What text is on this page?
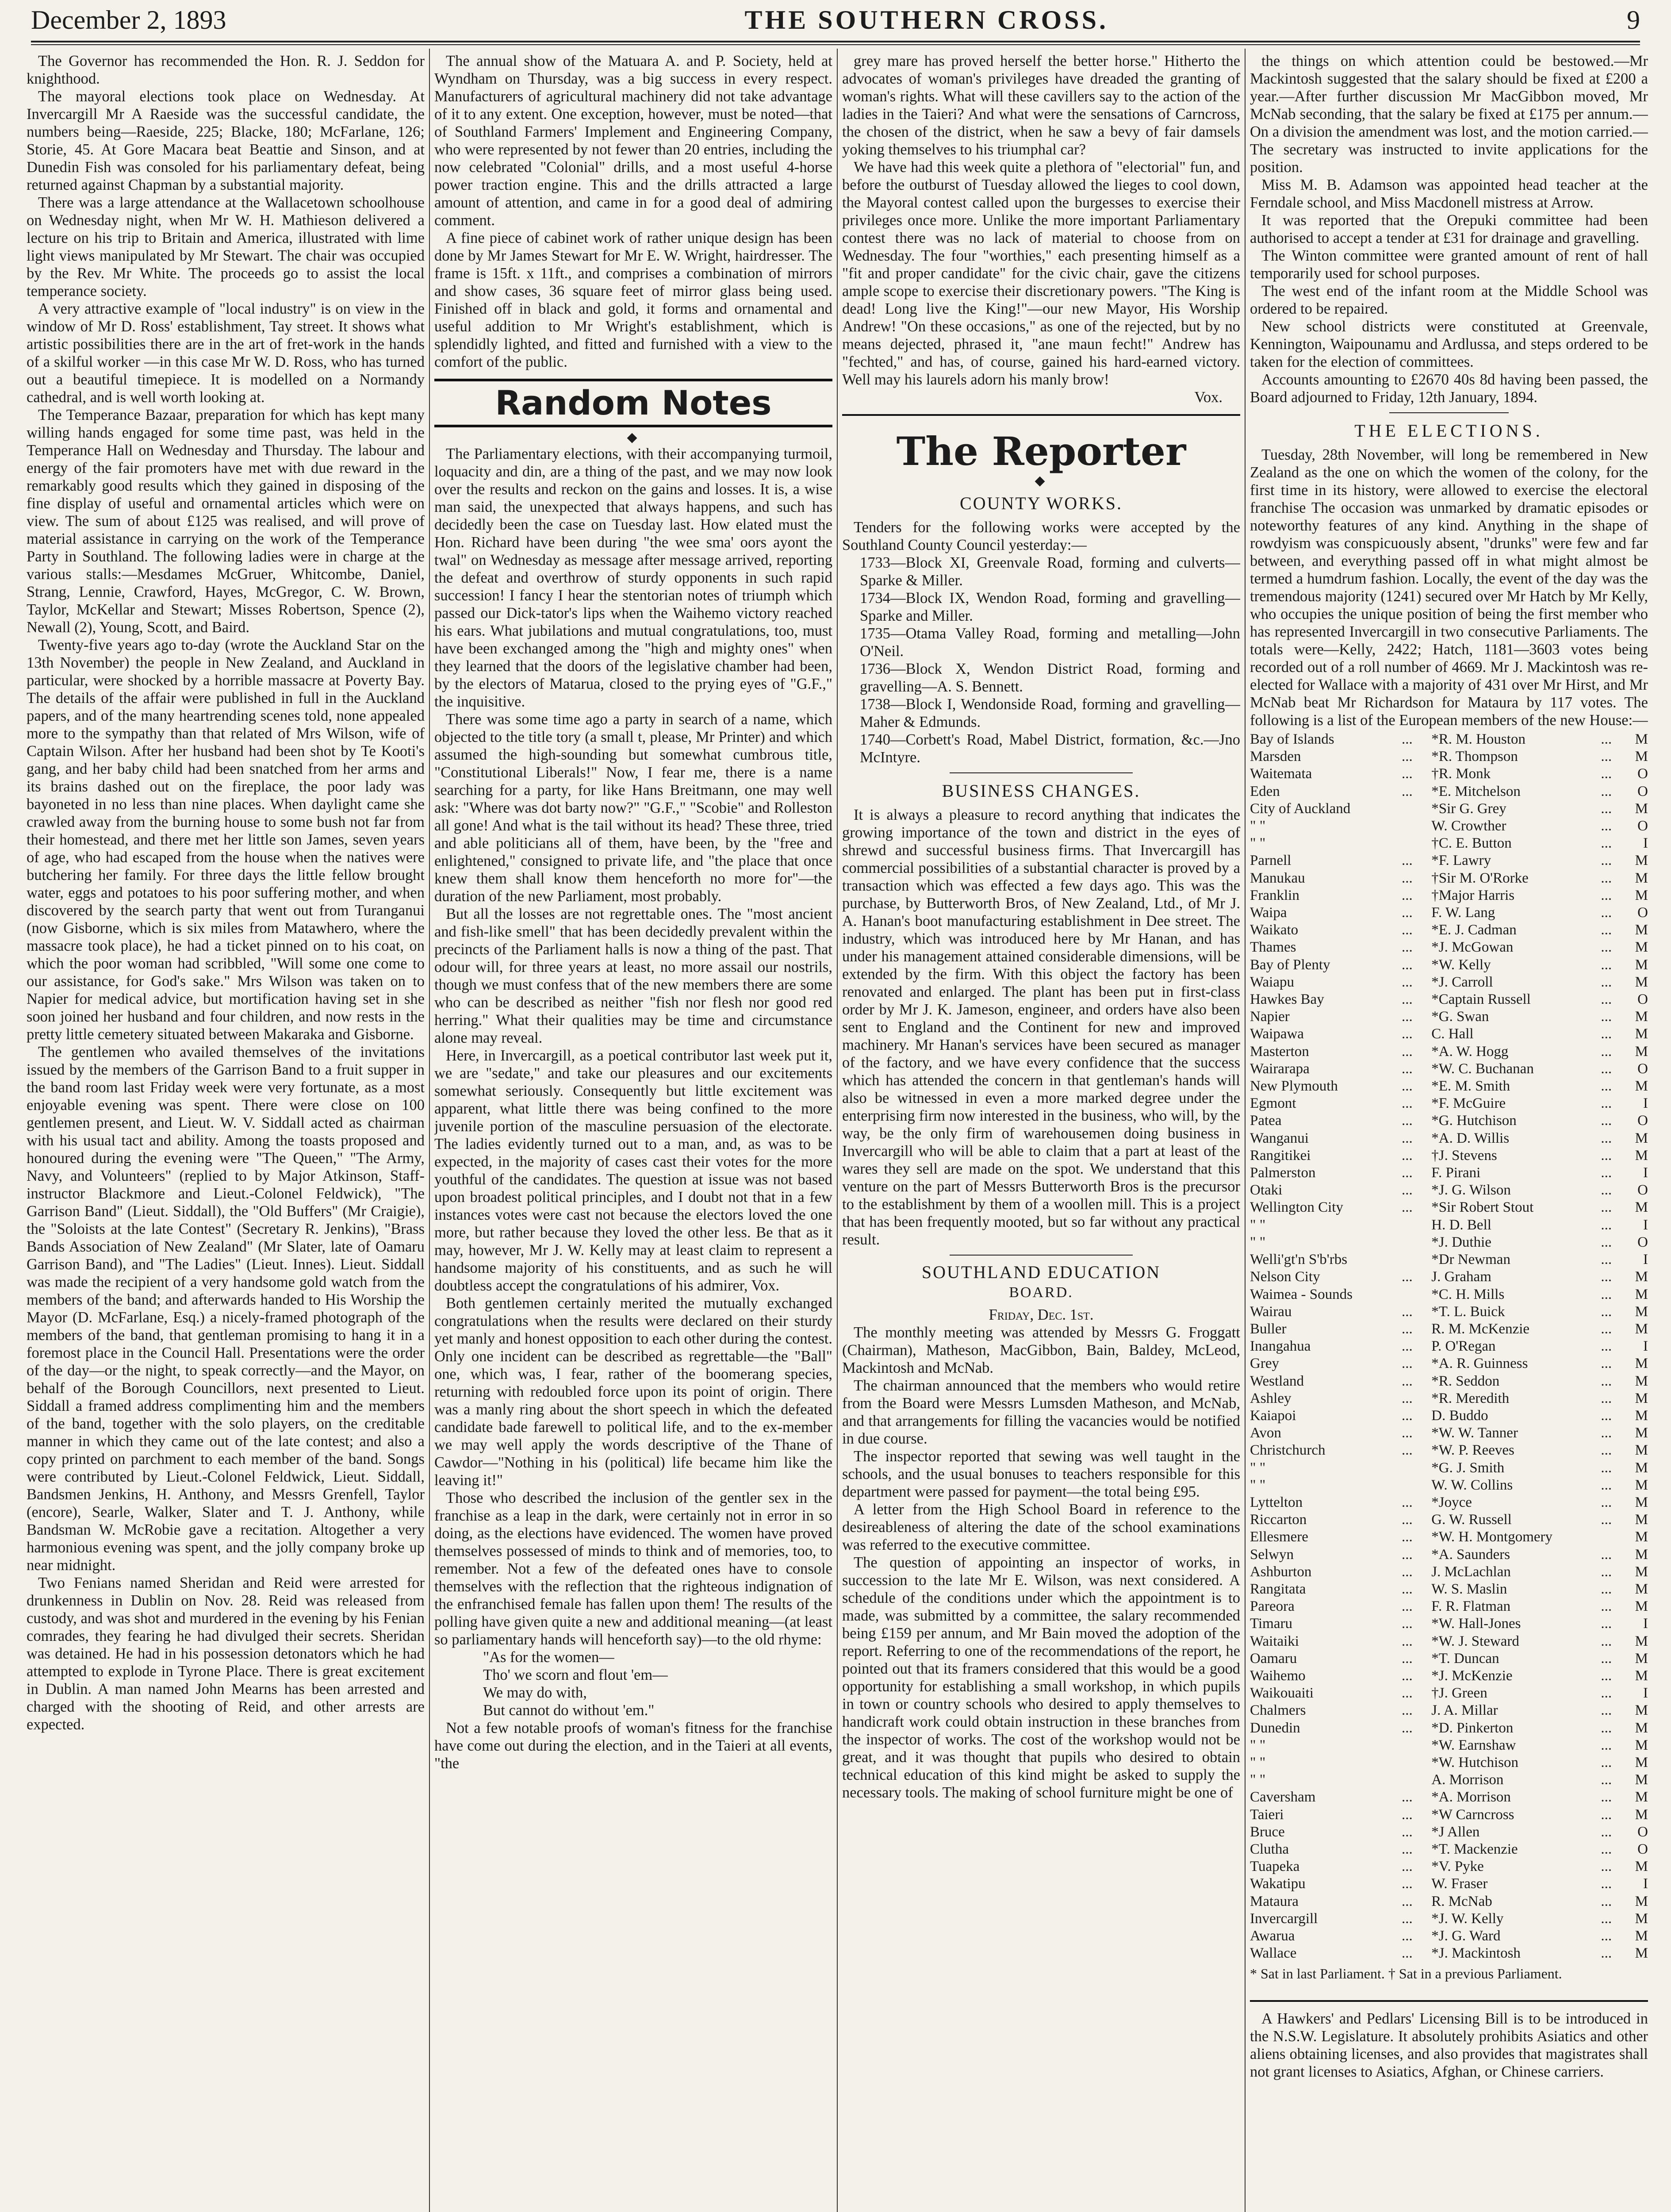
December 2, 1893	THE SOUTHERN CROSS.	9

The Governor has recommended the Hon. R. J. Seddon for knighthood.

The mayoral elections took place on Wednesday. At Invercargill Mr A Raeside was the successful candidate, the numbers being—Raeside, 225; Blacke, 180; McFarlane, 126; Storie, 45. At Gore Macara beat Beattie and Sinson, and at Dunedin Fish was consoled for his parliamentary defeat, being returned against Chapman by a substantial majority.

There was a large attendance at the Wallacetown schoolhouse on Wednesday night, when Mr W. H. Mathieson delivered a lecture on his trip to Britain and America, illustrated with lime light views manipulated by Mr Stewart. The chair was occupied by the Rev. Mr White. The proceeds go to assist the local temperance society.

A very attractive example of "local industry" is on view in the window of Mr D. Ross' establishment, Tay street. It shows what artistic possibilities there are in the art of fret-work in the hands of a skilful worker —in this case Mr W. D. Ross, who has turned out a beautiful timepiece. It is modelled on a Normandy cathedral, and is well worth looking at.

The Temperance Bazaar, preparation for which has kept many willing hands engaged for some time past, was held in the Temperance Hall on Wednesday and Thursday. The labour and energy of the fair promoters have met with due reward in the remarkably good results which they gained in disposing of the fine display of useful and ornamental articles which were on view. The sum of about £125 was realised, and will prove of material assistance in carrying on the work of the Temperance Party in Southland. The following ladies were in charge at the various stalls:—Mesdames McGruer, Whitcombe, Daniel, Strang, Lennie, Crawford, Hayes, McGregor, C. W. Brown, Taylor, McKellar and Stewart; Misses Robertson, Spence (2), Newall (2), Young, Scott, and Baird.

Twenty-five years ago to-day (wrote the Auckland Star on the 13th November) the people in New Zealand, and Auckland in particular, were shocked by a horrible massacre at Poverty Bay. The details of the affair were published in full in the Auckland papers, and of the many heartrending scenes told, none appealed more to the sympathy than that related of Mrs Wilson, wife of Captain Wilson. After her husband had been shot by Te Kooti's gang, and her baby child had been snatched from her arms and its brains dashed out on the fireplace, the poor lady was bayoneted in no less than nine places. When daylight came she crawled away from the burning house to some bush not far from their homestead, and there met her little son James, seven years of age, who had escaped from the house when the natives were butchering her family. For three days the little fellow brought water, eggs and potatoes to his poor suffering mother, and when discovered by the search party that went out from Turanganui (now Gisborne, which is six miles from Matawhero, where the massacre took place), he had a ticket pinned on to his coat, on which the poor woman had scribbled, "Will some one come to our assistance, for God's sake." Mrs Wilson was taken on to Napier for medical advice, but mortification having set in she soon joined her husband and four children, and now rests in the pretty little cemetery situated between Makaraka and Gisborne.

The gentlemen who availed themselves of the invitations issued by the members of the Garrison Band to a fruit supper in the band room last Friday week were very fortunate, as a most enjoyable evening was spent. There were close on 100 gentlemen present, and Lieut. W. V. Siddall acted as chairman with his usual tact and ability. Among the toasts proposed and honoured during the evening were "The Queen," "The Army, Navy, and Volunteers" (replied to by Major Atkinson, Staff-instructor Blackmore and Lieut.-Colonel Feldwick), "The Garrison Band" (Lieut. Siddall), the "Old Buffers" (Mr Craigie), the "Soloists at the late Contest" (Secretary R. Jenkins), "Brass Bands Association of New Zealand" (Mr Slater, late of Oamaru Garrison Band), and "The Ladies" (Lieut. Innes). Lieut. Siddall was made the recipient of a very handsome gold watch from the members of the band; and afterwards handed to His Worship the Mayor (D. McFarlane, Esq.) a nicely-framed photograph of the members of the band, that gentleman promising to hang it in a foremost place in the Council Hall. Presentations were the order of the day—or the night, to speak correctly—and the Mayor, on behalf of the Borough Councillors, next presented to Lieut. Siddall a framed address complimenting him and the members of the band, together with the solo players, on the creditable manner in which they came out of the late contest; and also a copy printed on parchment to each member of the band. Songs were contributed by Lieut.-Colonel Feldwick, Lieut. Siddall, Bandsmen Jenkins, H. Anthony, and Messrs Grenfell, Taylor (encore), Searle, Walker, Slater and T. J. Anthony, while Bandsman W. McRobie gave a recitation. Altogether a very harmonious evening was spent, and the jolly company broke up near midnight.

Two Fenians named Sheridan and Reid were arrested for drunkenness in Dublin on Nov. 28. Reid was released from custody, and was shot and murdered in the evening by his Fenian comrades, they fearing he had divulged their secrets. Sheridan was detained. He had in his possession detonators which he had attempted to explode in Tyrone Place. There is great excitement in Dublin. A man named John Mearns has been arrested and charged with the shooting of Reid, and other arrests are expected.

The annual show of the Matuara A. and P. Society, held at Wyndham on Thursday, was a big success in every respect. Manufacturers of agricultural machinery did not take advantage of it to any extent. One exception, however, must be noted—that of Southland Farmers' Implement and Engineering Company, who were represented by not fewer than 20 entries, including the now celebrated "Colonial" drills, and a most useful 4-horse power traction engine. This and the drills attracted a large amount of attention, and came in for a good deal of admiring comment.

A fine piece of cabinet work of rather unique design has been done by Mr James Stewart for Mr E. W. Wright, hairdresser. The frame is 15ft. x 11ft., and comprises a combination of mirrors and show cases, 36 square feet of mirror glass being used. Finished off in black and gold, it forms and ornamental and useful addition to Mr Wright's establishment, which is splendidly lighted, and fitted and furnished with a view to the comfort of the public.

Random Notes
◆

The Parliamentary elections, with their accompanying turmoil, loquacity and din, are a thing of the past, and we may now look over the results and reckon on the gains and losses. It is, a wise man said, the unexpected that always happens, and such has decidedly been the case on Tuesday last. How elated must the Hon. Richard have been during "the wee sma' oors ayont the twal" on Wednesday as message after message arrived, reporting the defeat and overthrow of sturdy opponents in such rapid succession! I fancy I hear the stentorian notes of triumph which passed our Dick-tator's lips when the Waihemo victory reached his ears. What jubilations and mutual congratulations, too, must have been exchanged among the "high and mighty ones" when they learned that the doors of the legislative chamber had been, by the electors of Matarua, closed to the prying eyes of "G.F.," the inquisitive.

There was some time ago a party in search of a name, which objected to the title tory (a small t, please, Mr Printer) and which assumed the high-sounding but somewhat cumbrous title, "Constitutional Liberals!" Now, I fear me, there is a name searching for a party, for like Hans Breitmann, one may well ask: "Where was dot barty now?" "G.F.," "Scobie" and Rolleston all gone! And what is the tail without its head? These three, tried and able politicians all of them, have been, by the "free and enlightened," consigned to private life, and "the place that once knew them shall know them henceforth no more for"—the duration of the new Parliament, most probably.

But all the losses are not regrettable ones. The "most ancient and fish-like smell" that has been decidedly prevalent within the precincts of the Parliament halls is now a thing of the past. That odour will, for three years at least, no more assail our nostrils, though we must confess that of the new members there are some who can be described as neither "fish nor flesh nor good red herring." What their qualities may be time and circumstance alone may reveal.

Here, in Invercargill, as a poetical contributor last week put it, we are "sedate," and take our pleasures and our excitements somewhat seriously. Consequently but little excitement was apparent, what little there was being confined to the more juvenile portion of the masculine persuasion of the electorate. The ladies evidently turned out to a man, and, as was to be expected, in the majority of cases cast their votes for the more youthful of the candidates. The question at issue was not based upon broadest political principles, and I doubt not that in a few instances votes were cast not because the electors loved the one more, but rather because they loved the other less. Be that as it may, however, Mr J. W. Kelly may at least claim to represent a handsome majority of his constituents, and as such he will doubtless accept the congratulations of his admirer, Vox.

Both gentlemen certainly merited the mutually exchanged congratulations when the results were declared on their sturdy yet manly and honest opposition to each other during the contest. Only one incident can be described as regrettable—the "Ball" one, which was, I fear, rather of the boomerang species, returning with redoubled force upon its point of origin. There was a manly ring about the short speech in which the defeated candidate bade farewell to political life, and to the ex-member we may well apply the words descriptive of the Thane of Cawdor—"Nothing in his (political) life became him like the leaving it!"

Those who described the inclusion of the gentler sex in the franchise as a leap in the dark, were certainly not in error in so doing, as the elections have evidenced. The women have proved themselves possessed of minds to think and of memories, too, to remember. Not a few of the defeated ones have to console themselves with the reflection that the righteous indignation of the enfranchised female has fallen upon them! The results of the polling have given quite a new and additional meaning—(at least so parliamentary hands will henceforth say)—to the old rhyme:

"As for the women—

Tho' we scorn and flout 'em—

We may do with,

But cannot do without 'em."

Not a few notable proofs of woman's fitness for the franchise have come out during the election, and in the Taieri at all events, "the

grey mare has proved herself the better horse." Hitherto the advocates of woman's privileges have dreaded the granting of woman's rights. What will these cavillers say to the action of the ladies in the Taieri? And what were the sensations of Carncross, the chosen of the district, when he saw a bevy of fair damsels yoking themselves to his triumphal car?

We have had this week quite a plethora of "electorial" fun, and before the outburst of Tuesday allowed the lieges to cool down, the Mayoral contest called upon the burgesses to exercise their privileges once more. Unlike the more important Parliamentary contest there was no lack of material to choose from on Wednesday. The four "worthies," each presenting himself as a "fit and proper candidate" for the civic chair, gave the citizens ample scope to exercise their discretionary powers. "The King is dead! Long live the King!"—our new Mayor, His Worship Andrew! "On these occasions," as one of the rejected, but by no means dejected, phrased it, "ane maun fecht!" Andrew has "fechted," and has, of course, gained his hard-earned victory. Well may his laurels adorn his manly brow!

Vox.

The Reporter
◆
COUNTY WORKS.

Tenders for the following works were accepted by the Southland County Council yesterday:—

1733—Block XI, Greenvale Road, forming and culverts—Sparke & Miller.

1734—Block IX, Wendon Road, forming and gravelling—Sparke and Miller.

1735—Otama Valley Road, forming and metalling—John O'Neil.

1736—Block X, Wendon District Road, forming and gravelling—A. S. Bennett.

1738—Block I, Wendonside Road, forming and gravelling—Maher & Edmunds.

1740—Corbett's Road, Mabel District, formation, &c.—Jno McIntyre.

BUSINESS CHANGES.

It is always a pleasure to record anything that indicates the growing importance of the town and district in the eyes of shrewd and successful business firms. That Invercargill has commercial possibilities of a substantial character is proved by a transaction which was effected a few days ago. This was the purchase, by Butterworth Bros, of New Zealand, Ltd., of Mr J. A. Hanan's boot manufacturing establishment in Dee street. The industry, which was introduced here by Mr Hanan, and has under his management attained considerable dimensions, will be extended by the firm. With this object the factory has been renovated and enlarged. The plant has been put in first-class order by Mr J. K. Jameson, engineer, and orders have also been sent to England and the Continent for new and improved machinery. Mr Hanan's services have been secured as manager of the factory, and we have every confidence that the success which has attended the concern in that gentleman's hands will also be witnessed in even a more marked degree under the enterprising firm now interested in the business, who will, by the way, be the only firm of warehousemen doing business in Invercargill who will be able to claim that a part at least of the wares they sell are made on the spot. We understand that this venture on the part of Messrs Butterworth Bros is the precursor to the establishment by them of a woollen mill. This is a project that has been frequently mooted, but so far without any practical result.

SOUTHLAND EDUCATION
BOARD.

Friday, Dec. 1st.

The monthly meeting was attended by Messrs G. Froggatt (Chairman), Matheson, MacGibbon, Bain, Baldey, McLeod, Mackintosh and McNab.

The chairman announced that the members who would retire from the Board were Messrs Lumsden Matheson, and McNab, and that arrangements for filling the vacancies would be notified in due course.

The inspector reported that sewing was well taught in the schools, and the usual bonuses to teachers responsible for this department were passed for payment—the total being £95.

A letter from the High School Board in reference to the desireableness of altering the date of the school examinations was referred to the executive committee.

The question of appointing an inspector of works, in succession to the late Mr E. Wilson, was next considered. A schedule of the conditions under which the appointment is to made, was submitted by a committee, the salary recommended being £159 per annum, and Mr Bain moved the adoption of the report. Referring to one of the recommendations of the report, he pointed out that its framers considered that this would be a good opportunity for establishing a small workshop, in which pupils in town or country schools who desired to apply themselves to handicraft work could obtain instruction in these branches from the inspector of works. The cost of the workshop would not be great, and it was thought that pupils who desired to obtain technical education of this kind might be asked to supply the necessary tools. The making of school furniture might be one of

the things on which attention could be bestowed.—Mr Mackintosh suggested that the salary should be fixed at £200 a year.—After further discussion Mr MacGibbon moved, Mr McNab seconding, that the salary be fixed at £175 per annum.—On a division the amendment was lost, and the motion carried.—The secretary was instructed to invite applications for the position.

Miss M. B. Adamson was appointed head teacher at the Ferndale school, and Miss Macdonell mistress at Arrow.

It was reported that the Orepuki committee had been authorised to accept a tender at £31 for drainage and gravelling.

The Winton committee were granted amount of rent of hall temporarily used for school purposes.

The west end of the infant room at the Middle School was ordered to be repaired.

New school districts were constituted at Greenvale, Kennington, Waipounamu and Ardlussa, and steps ordered to be taken for the election of committees.

Accounts amounting to £2670 40s 8d having been passed, the Board adjourned to Friday, 12th January, 1894.

THE ELECTIONS.

Tuesday, 28th November, will long be remembered in New Zealand as the one on which the women of the colony, for the first time in its history, were allowed to exercise the electoral franchise The occasion was unmarked by dramatic episodes or noteworthy features of any kind. Anything in the shape of rowdyism was conspicuously absent, "drunks" were few and far between, and everything passed off in what might almost be termed a humdrum fashion. Locally, the event of the day was the tremendous majority (1241) secured over Mr Hatch by Mr Kelly, who occupies the unique position of being the first member who has represented Invercargill in two consecutive Parliaments. The totals were—Kelly, 2422; Hatch, 1181—3603 votes being recorded out of a roll number of 4669. Mr J. Mackintosh was re-elected for Wallace with a majority of 431 over Mr Hirst, and Mr McNab beat Mr Richardson for Mataura by 117 votes. The following is a list of the European members of the new House:—

Bay of Islands	...	*R. M. Houston	...	M
Marsden	...	*R. Thompson	...	M
Waitemata	...	†R. Monk	...	O
Eden	...	*E. Mitchelson	...	O
City of Auckland		*Sir G. Grey	...	M
" "		W. Crowther	...	O
" "		†C. E. Button	...	I
Parnell	...	*F. Lawry	...	M
Manukau	...	†Sir M. O'Rorke	...	M
Franklin	...	†Major Harris	...	M
Waipa	...	F. W. Lang	...	O
Waikato	...	*E. J. Cadman	...	M
Thames	...	*J. McGowan	...	M
Bay of Plenty	...	*W. Kelly	...	M
Waiapu	...	*J. Carroll	...	M
Hawkes Bay	...	*Captain Russell	...	O
Napier	...	*G. Swan	...	M
Waipawa	...	C. Hall	...	M
Masterton	...	*A. W. Hogg	...	M
Wairarapa	...	*W. C. Buchanan	...	O
New Plymouth	...	*E. M. Smith	...	M
Egmont	...	*F. McGuire	...	I
Patea	...	*G. Hutchison	...	O
Wanganui	...	*A. D. Willis	...	M
Rangitikei	...	†J. Stevens	...	M
Palmerston	...	F. Pirani	...	I
Otaki	...	*J. G. Wilson	...	O
Wellington City	...	*Sir Robert Stout	...	M
" "		H. D. Bell	...	I
" "		*J. Duthie	...	O
Welli'gt'n S'b'rbs		*Dr Newman	...	I
Nelson City	...	J. Graham	...	M
Waimea - Sounds		*C. H. Mills	...	M
Wairau	...	*T. L. Buick	...	M
Buller	...	R. M. McKenzie	...	M
Inangahua	...	P. O'Regan	...	I
Grey	...	*A. R. Guinness	...	M
Westland	...	*R. Seddon	...	M
Ashley	...	*R. Meredith	...	M
Kaiapoi	...	D. Buddo	...	M
Avon	...	*W. W. Tanner	...	M
Christchurch	...	*W. P. Reeves	...	M
" "		*G. J. Smith	...	M
" "		W. W. Collins	...	M
Lyttelton	...	*Joyce	...	M
Riccarton	...	G. W. Russell	...	M
Ellesmere	...	*W. H. Montgomery		M
Selwyn	...	*A. Saunders	...	M
Ashburton	...	J. McLachlan	...	M
Rangitata	...	W. S. Maslin	...	M
Pareora	...	F. R. Flatman	...	M
Timaru	...	*W. Hall-Jones	...	I
Waitaiki	...	*W. J. Steward	...	M
Oamaru	...	*T. Duncan	...	M
Waihemo	...	*J. McKenzie	...	M
Waikouaiti	...	†J. Green	...	I
Chalmers	...	J. A. Millar	...	M
Dunedin	...	*D. Pinkerton	...	M
" "		*W. Earnshaw	...	M
" "		*W. Hutchison	...	M
" "		A. Morrison	...	M
Caversham	...	*A. Morrison	...	M
Taieri	...	*W Carncross	...	M
Bruce	...	*J Allen	...	O
Clutha	...	*T. Mackenzie	...	O
Tuapeka	...	*V. Pyke	...	M
Wakatipu	...	W. Fraser	...	I
Mataura	...	R. McNab	...	M
Invercargill	...	*J. W. Kelly	...	M
Awarua	...	*J. G. Ward	...	M
Wallace	...	*J. Mackintosh	...	M

* Sat in last Parliament. † Sat in a previous Parliament.

A Hawkers' and Pedlars' Licensing Bill is to be introduced in the N.S.W. Legislature. It absolutely prohibits Asiatics and other aliens obtaining licenses, and also provides that magistrates shall not grant licenses to Asiatics, Afghan, or Chinese carriers.
